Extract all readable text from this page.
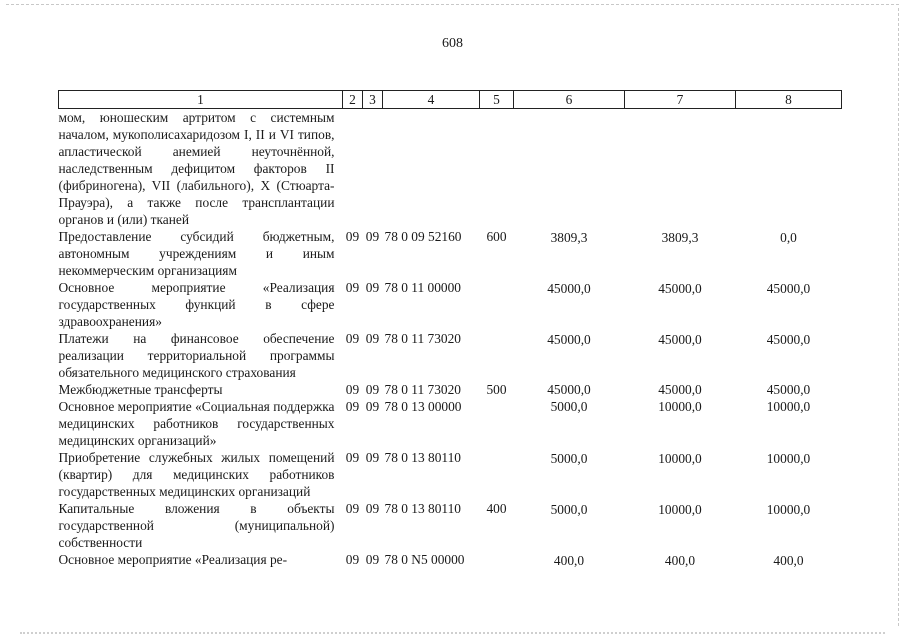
608
1	2	3	4	5	6	7	8
мом, юношеским артритом с системным началом, мукополисахаридозом I, II и VI типов, апластической анемией неуточнённой, наследственным дефицитом факторов II (фибриногена), VII (лабильного), X (Стюарта-Прауэра), а также после трансплантации органов и (или) тканей							
Предоставление субсидий бюджетным, автономным учреждениям и иным некоммерческим организациям	09	09	78 0 09 52160	600	3809,3	3809,3	0,0
Основное мероприятие «Реализация государственных функций в сфере здравоохранения»	09	09	78 0 11 00000		45000,0	45000,0	45000,0
Платежи на финансовое обеспечение реализации территориальной программы обязательного медицинского страхования	09	09	78 0 11 73020		45000,0	45000,0	45000,0
Межбюджетные трансферты	09	09	78 0 11 73020	500	45000,0	45000,0	45000,0
Основное мероприятие «Социальная поддержка медицинских работников государственных медицинских организаций»	09	09	78 0 13 00000		5000,0	10000,0	10000,0
Приобретение служебных жилых помещений (квартир) для медицинских работников государственных медицинских организаций	09	09	78 0 13 80110		5000,0	10000,0	10000,0
Капитальные вложения в объекты государственной (муниципальной) собственности	09	09	78 0 13 80110	400	5000,0	10000,0	10000,0
Основное мероприятие «Реализация ре-	09	09	78 0 N5 00000		400,0	400,0	400,0
